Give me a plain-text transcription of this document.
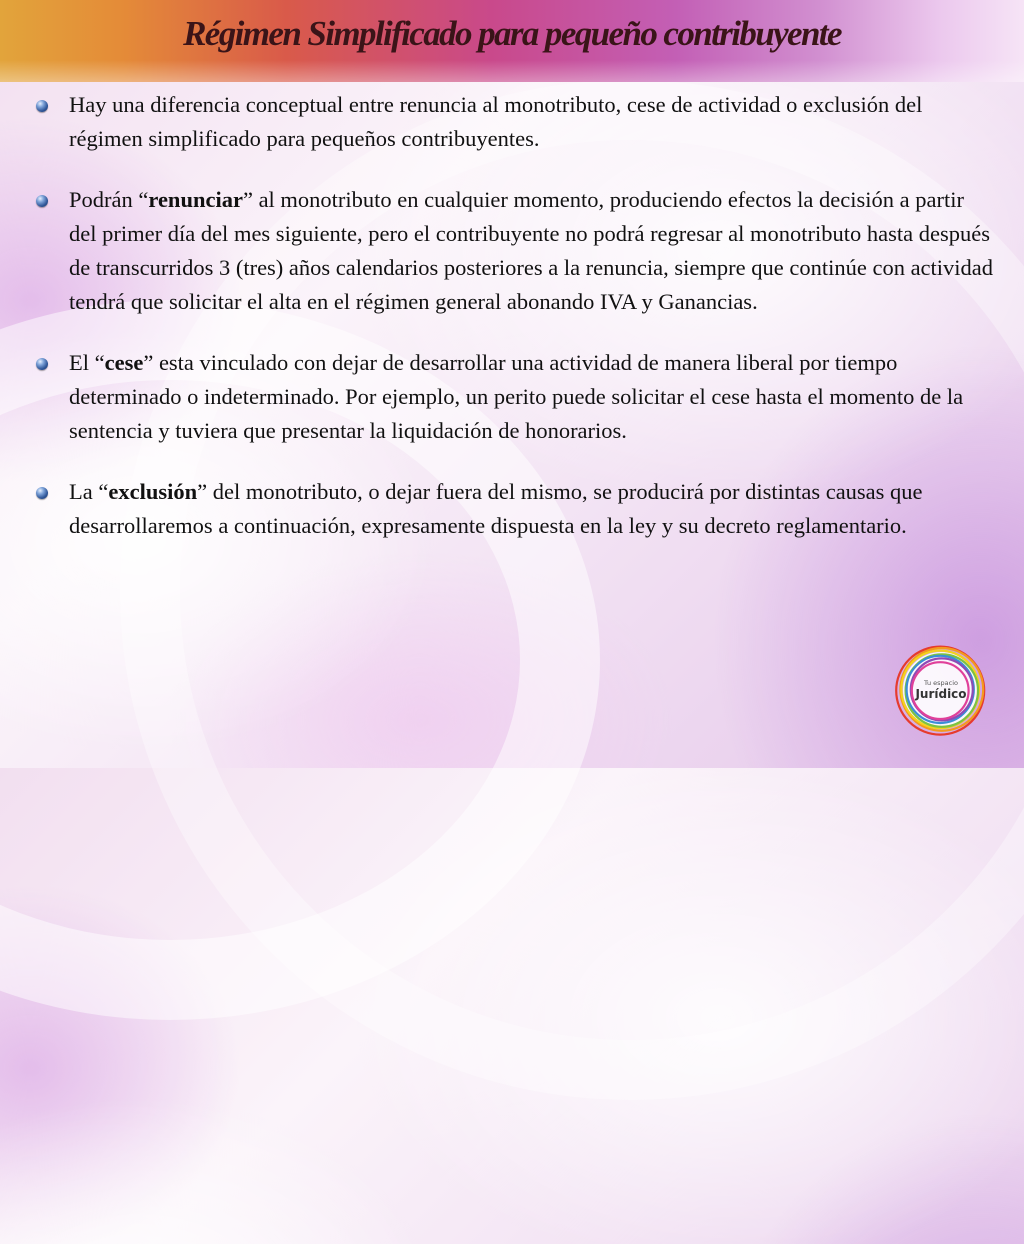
Régimen Simplificado para pequeño contribuyente

Hay una diferencia conceptual entre renuncia al monotributo, cese de actividad o exclusión del régimen simplificado para pequeños contribuyentes.

Podrán “renunciar” al monotributo en cualquier momento, produciendo efectos la decisión a partir del primer día del mes siguiente, pero el contribuyente no podrá regresar al monotributo hasta después de transcurridos 3 (tres) años calendarios posteriores a la renuncia, siempre que continúe con actividad tendrá que solicitar el alta en el régimen general abonando IVA y Ganancias.

El “cese” esta vinculado con dejar de desarrollar una actividad de manera liberal por tiempo determinado o indeterminado. Por ejemplo, un perito puede solicitar el cese hasta el momento de la sentencia y tuviera que presentar la liquidación de honorarios.

La “exclusión” del monotributo, o dejar fuera del mismo, se producirá por distintas causas que desarrollaremos a continuación, expresamente dispuesta en la ley y su decreto reglamentario.

Tu espacio
Jurídico
